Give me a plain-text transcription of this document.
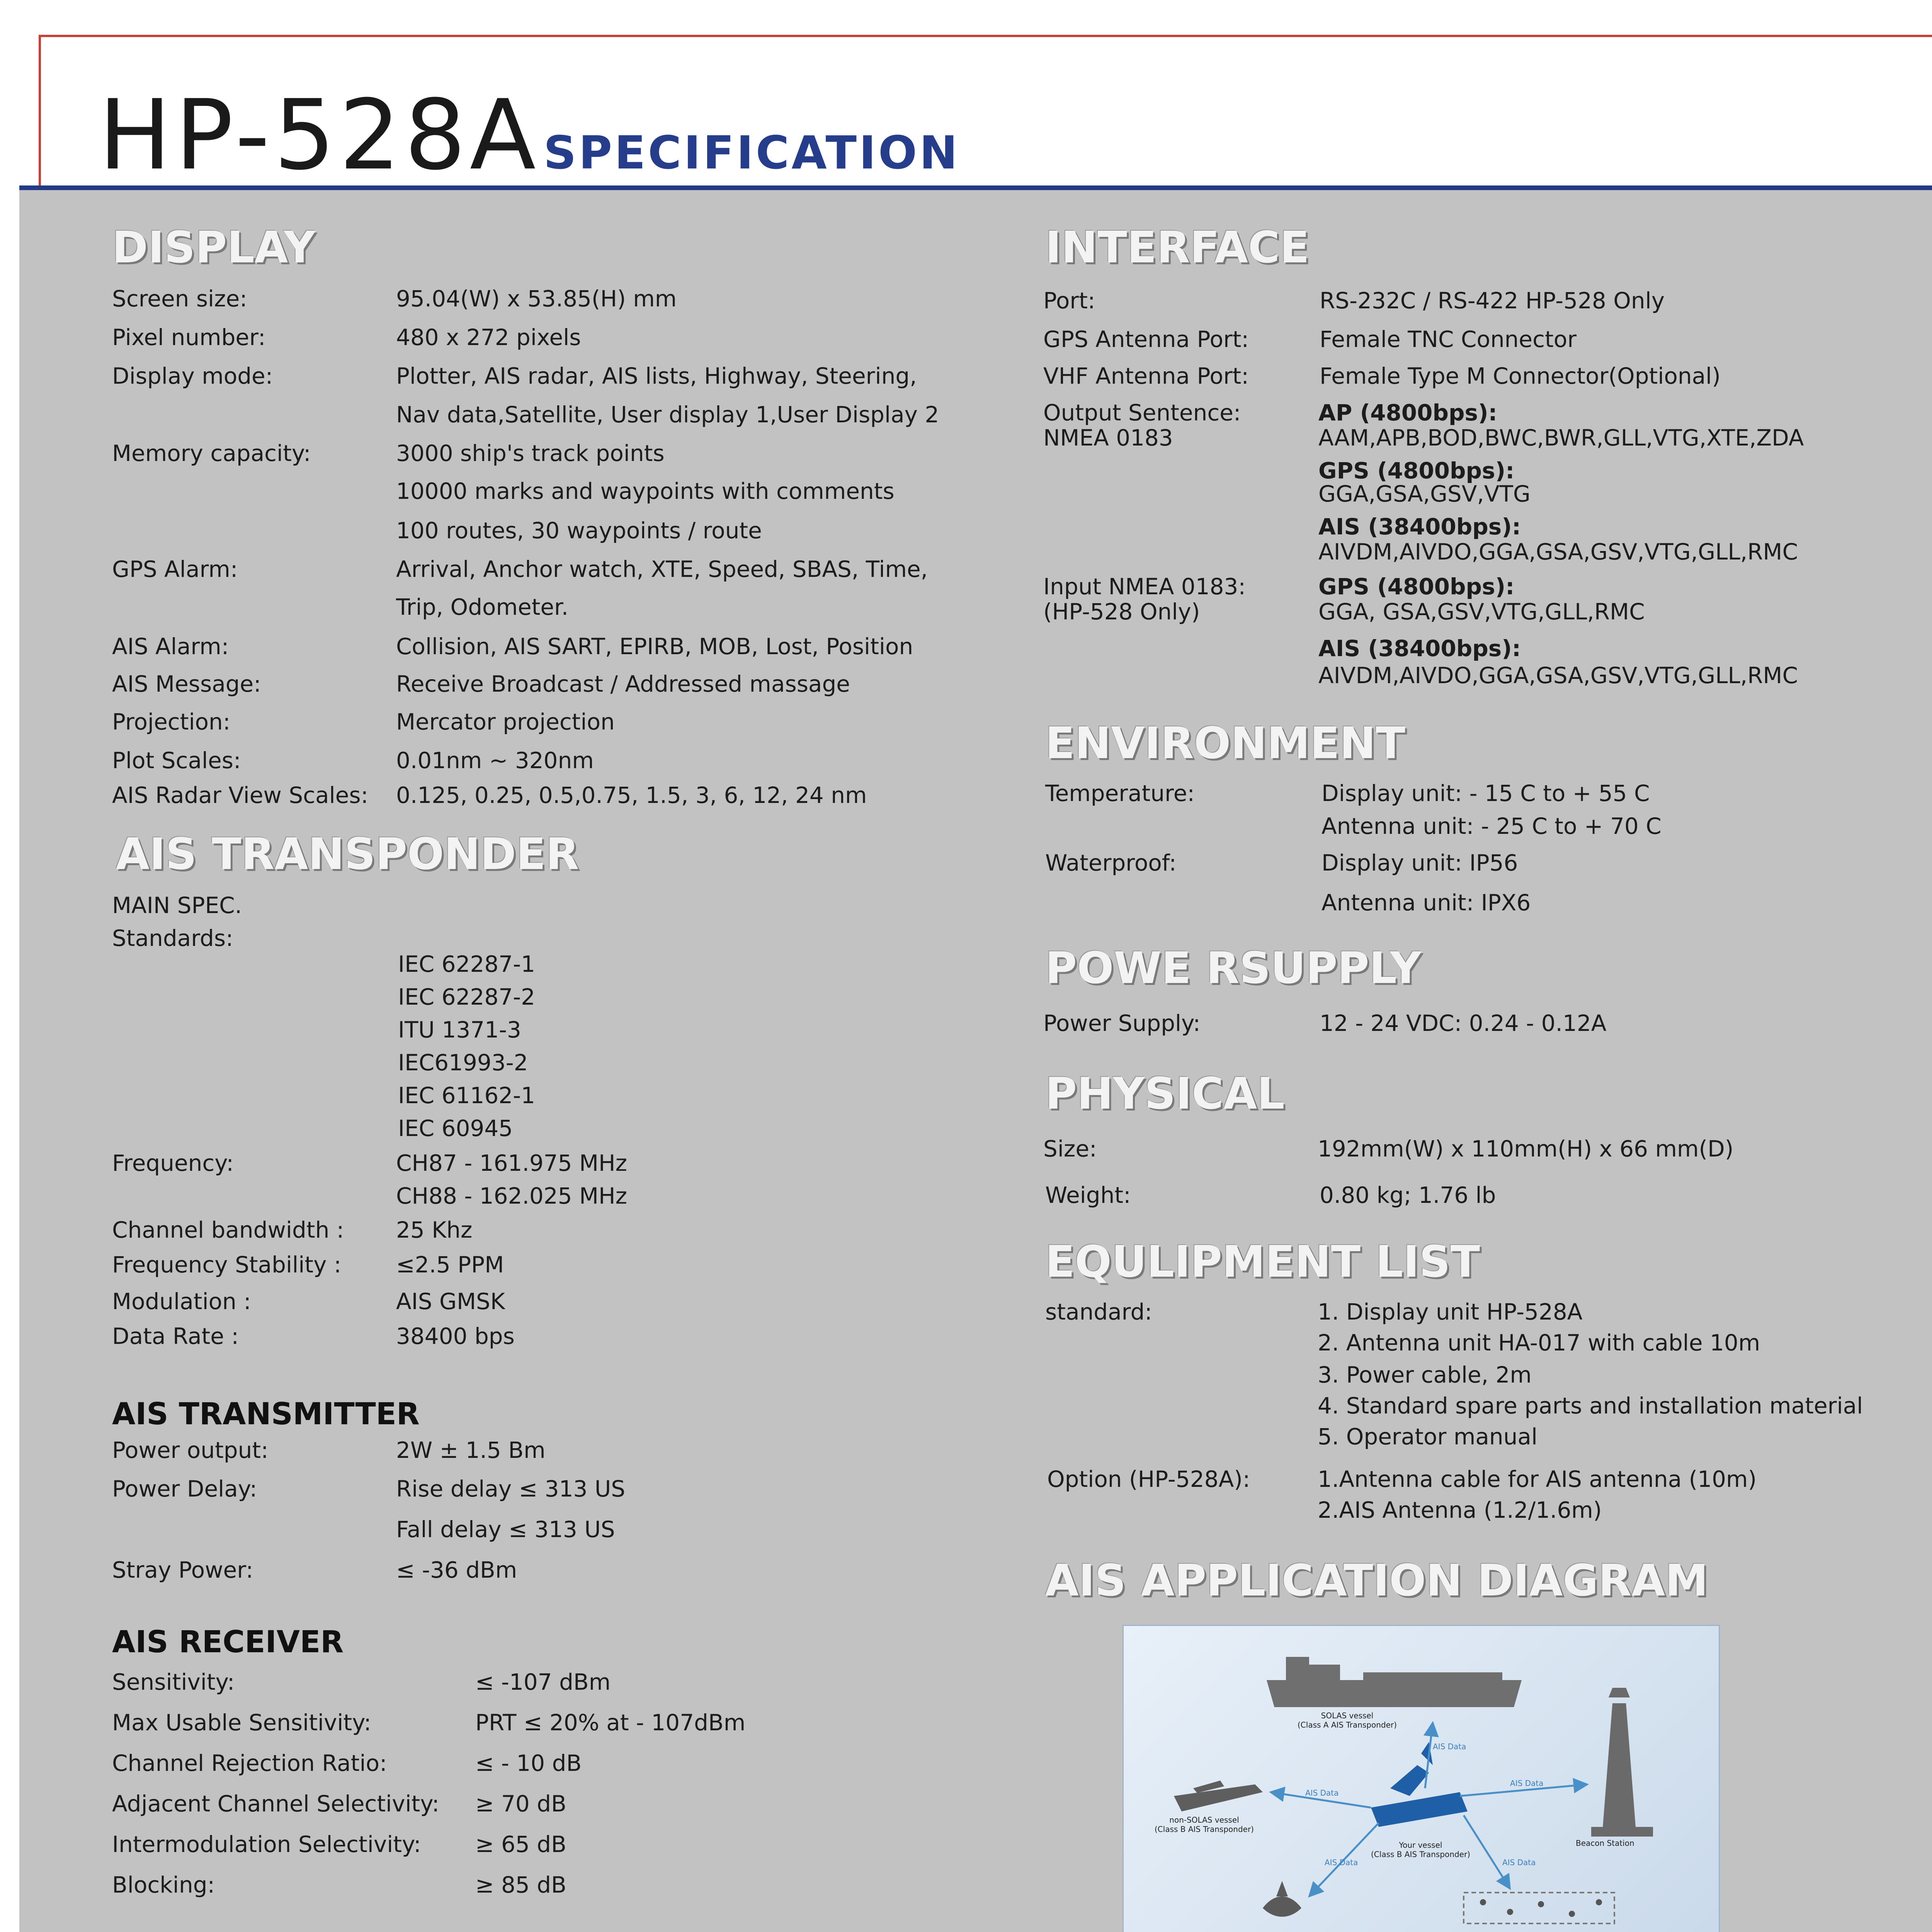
HP-528ASPECIFICATION
DISPLAY
Screen size:	95.04(W) x 53.85(H) mm
Pixel number:	480 x 272 pixels
Display mode:	Plotter, AIS radar, AIS lists, Highway, Steering,
Nav data,Satellite, User display 1,User Display 2
Memory capacity:	3000 ship's track points
10000 marks and waypoints with comments
100 routes, 30 waypoints / route
GPS Alarm:	Arrival, Anchor watch, XTE, Speed, SBAS, Time,
Trip, Odometer.
AIS Alarm:	Collision, AIS SART, EPIRB, MOB, Lost, Position
AIS Message:	Receive Broadcast / Addressed massage
Projection:	Mercator projection
Plot Scales:	0.01nm ~ 320nm
AIS Radar View Scales: 0.125, 0.25, 0.5,0.75, 1.5, 3, 6, 12, 24 nm
AIS TRANSPONDER
MAIN SPEC.
Standards:
IEC 62287-1
IEC 62287-2
ITU 1371-3
IEC61993-2
IEC 61162-1
IEC 60945
Frequency:	CH87 - 161.975 MHz
CH88 - 162.025 MHz
Channel bandwidth : 25 Khz
Frequency Stability : ≤2.5 PPM
Modulation :	AIS GMSK
Data Rate :	38400 bps
AIS TRANSMITTER
Power output:	2W ± 1.5 Bm
Power Delay:	Rise delay ≤ 313 US
Fall delay ≤ 313 US
Stray Power:	≤ -36 dBm
AIS RECEIVER
Sensitivity:	≤ -107 dBm
Max Usable Sensitivity:	PRT ≤ 20% at - 107dBm
Channel Rejection Ratio:	≤ - 10 dB
Adjacent Channel Selectivity: ≥ 70 dB
Intermodulation Selectivity: ≥ 65 dB
Blocking:	≥ 85 dB
INTERFACE
Port:	RS-232C / RS-422 HP-528 Only
GPS Antenna Port:	Female TNC Connector
VHF Antenna Port:	Female Type M Connector(Optional)
Output Sentence:
NMEA 0183
AP (4800bps):
AAM,APB,BOD,BWC,BWR,GLL,VTG,XTE,ZDA
GPS (4800bps):
GGA,GSA,GSV,VTG
AIS (38400bps):
AIVDM,AIVDO,GGA,GSA,GSV,VTG,GLL,RMC
Input NMEA 0183:
(HP-528 Only)
GPS (4800bps):
GGA, GSA,GSV,VTG,GLL,RMC
AIS (38400bps):
AIVDM,AIVDO,GGA,GSA,GSV,VTG,GLL,RMC
ENVIRONMENT
Temperature:	Display unit: - 15 C to + 55 C
Antenna unit: - 25 C to + 70 C
Waterproof:	Display unit: IP56
Antenna unit: IPX6
POWE RSUPPLY
Power Supply:	12 - 24 VDC: 0.24 - 0.12A
PHYSICAL
Size:	192mm(W) x 110mm(H) x 66 mm(D)
Weight:	0.80 kg; 1.76 lb
EQULIPMENT LIST
standard:	1. Display unit HP-528A
2. Antenna unit HA-017 with cable 10m
3. Power cable, 2m
4. Standard spare parts and installation material
5. Operator manual
Option (HP-528A):	1.Antenna cable for AIS antenna (10m)
2.AIS Antenna (1.2/1.6m)
AIS APPLICATION DIAGRAM
SOLAS vessel
(Class A AIS Transponder)
non-SOLAS vessel
(Class B AIS Transponder)
Your vessel
(Class B AIS Transponder)
Beacon Station
AIS Data
AIS Data
AIS Data
AIS Data	AIS Data
